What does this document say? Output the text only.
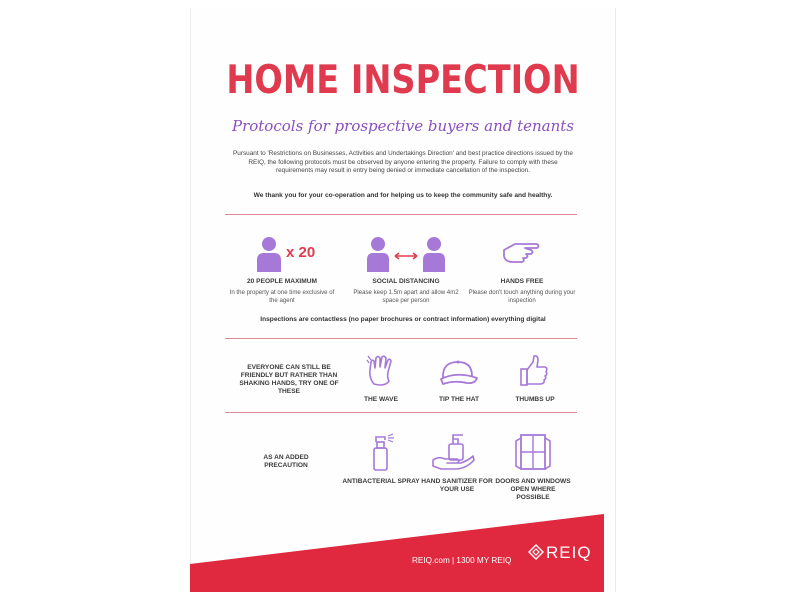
HOME INSPECTION
Protocols for prospective buyers and tenants
Pursuant to 'Restrictions on Businesses, Activities and Undertakings Direction' and best practice directions issued by the REIQ, the following protocols must be observed by anyone entering the property. Failure to comply with these requirements may result in entry being denied or immediate cancellation of the inspection.
We thank you for your co-operation and for helping us to keep the community safe and healthy.
x 20
20 PEOPLE MAXIMUM
In the property at one time exclusive of the agent
SOCIAL DISTANCING
Please keep 1.5m apart and allow 4m2 space per person
HANDS FREE
Please don't touch anything during your inspection
Inspections are contactless (no paper brochures or contract information) everything digital
EVERYONE CAN STILL BE FRIENDLY BUT RATHER THAN SHAKING HANDS, TRY ONE OF THESE
THE WAVE	TIP THE HAT	THUMBS UP
AS AN ADDED PRECAUTION
ANTIBACTERIAL SPRAY HAND SANITIZER FOR YOUR USE
DOORS AND WINDOWS OPEN WHERE POSSIBLE
REIQ.com | 1300 MY REIQ REIQ
